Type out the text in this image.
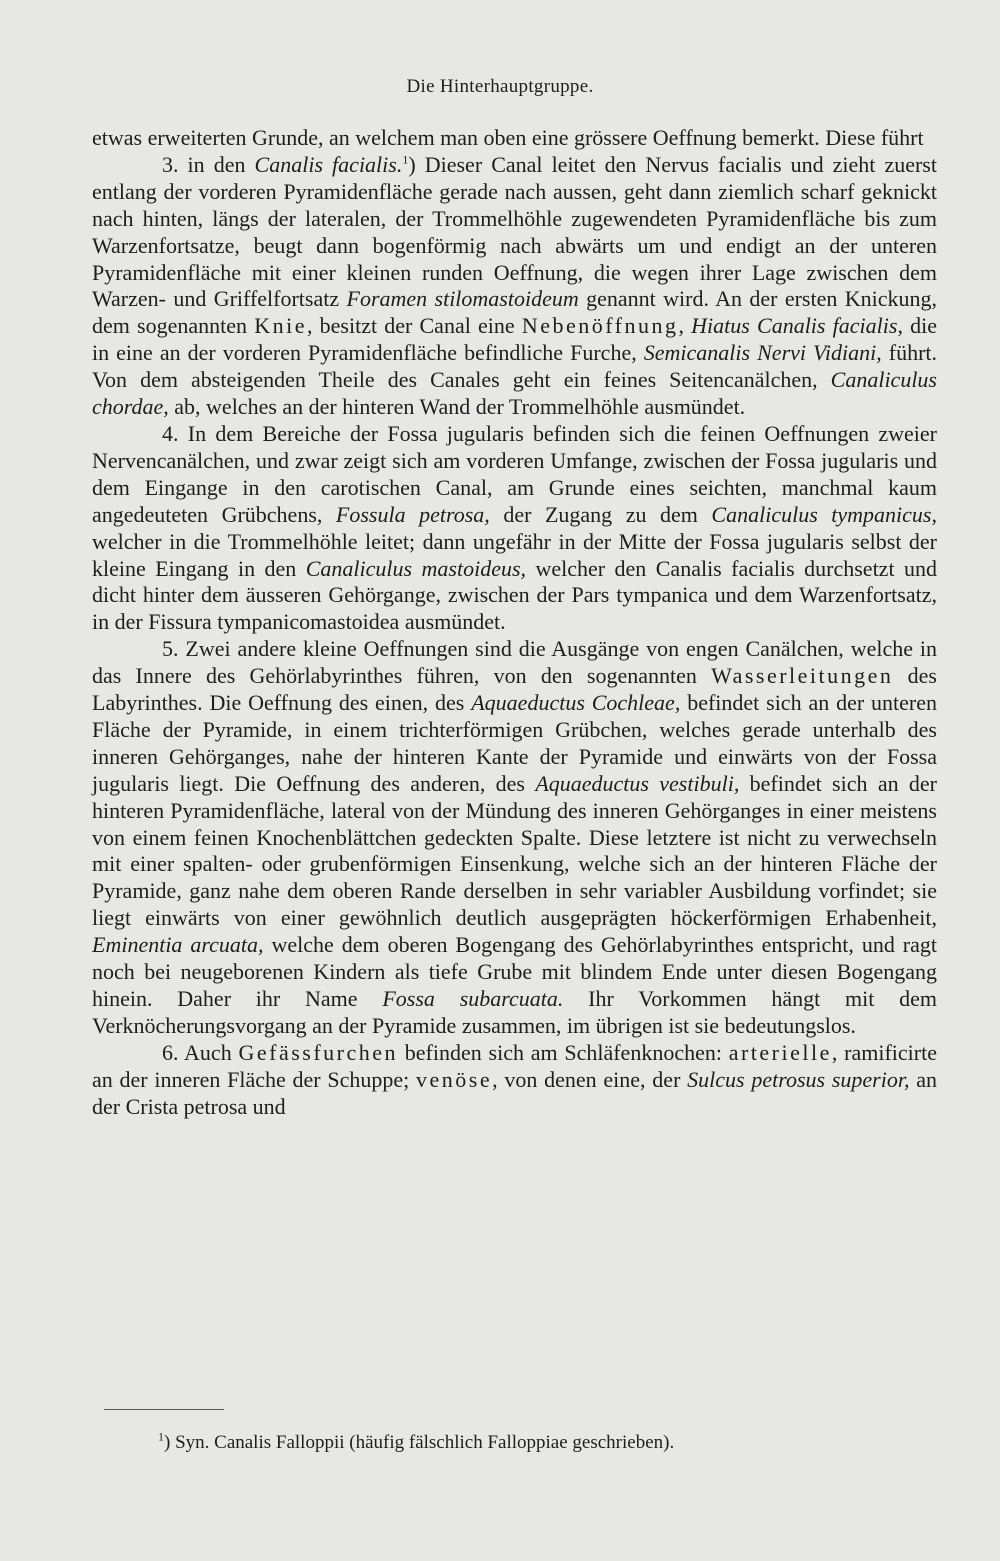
Die Hinterhauptgruppe.

etwas erweiterten Grunde, an welchem man oben eine grössere Oeffnung bemerkt. Diese führt

3. in den Canalis facialis.$^1$) Dieser Canal leitet den Nervus facialis und zieht zuerst entlang der vorderen Pyramidenfläche gerade nach aussen, geht dann ziemlich scharf geknickt nach hinten, längs der lateralen, der Trommelhöhle zugewendeten Pyramidenfläche bis zum Warzenfortsatze, beugt dann bogenförmig nach abwärts um und endigt an der unteren Pyramidenfläche mit einer kleinen runden Oeffnung, die wegen ihrer Lage zwischen dem Warzen- und Griffelfortsatz Foramen stilomastoideum genannt wird. An der ersten Knickung, dem sogenannten Knie, besitzt der Canal eine Nebenöffnung, Hiatus Canalis facialis, die in eine an der vorderen Pyramidenfläche befindliche Furche, Semicanalis Nervi Vidiani, führt. Von dem absteigenden Theile des Canales geht ein feines Seitencanälchen, Canaliculus chordae, ab, welches an der hinteren Wand der Trommelhöhle ausmündet.

4. In dem Bereiche der Fossa jugularis befinden sich die feinen Oeffnungen zweier Nervencanälchen, und zwar zeigt sich am vorderen Umfange, zwischen der Fossa jugularis und dem Eingange in den carotischen Canal, am Grunde eines seichten, manchmal kaum angedeuteten Grübchens, Fossula petrosa, der Zugang zu dem Canaliculus tympanicus, welcher in die Trommelhöhle leitet; dann ungefähr in der Mitte der Fossa jugularis selbst der kleine Eingang in den Canaliculus mastoideus, welcher den Canalis facialis durchsetzt und dicht hinter dem äusseren Gehörgange, zwischen der Pars tympanica und dem Warzenfortsatz, in der Fissura tympanicomastoidea ausmündet.

5. Zwei andere kleine Oeffnungen sind die Ausgänge von engen Canälchen, welche in das Innere des Gehörlabyrinthes führen, von den sogenannten Wasserleitungen des Labyrinthes. Die Oeffnung des einen, des Aquaeductus Cochleae, befindet sich an der unteren Fläche der Pyramide, in einem trichterförmigen Grübchen, welches gerade unterhalb des inneren Gehörganges, nahe der hinteren Kante der Pyramide und einwärts von der Fossa jugularis liegt. Die Oeffnung des anderen, des Aquaeductus vestibuli, befindet sich an der hinteren Pyramidenfläche, lateral von der Mündung des inneren Gehörganges in einer meistens von einem feinen Knochenblättchen gedeckten Spalte. Diese letztere ist nicht zu verwechseln mit einer spalten- oder grubenförmigen Einsenkung, welche sich an der hinteren Fläche der Pyramide, ganz nahe dem oberen Rande derselben in sehr variabler Ausbildung vorfindet; sie liegt einwärts von einer gewöhnlich deutlich ausgeprägten höckerförmigen Erhabenheit, Eminentia arcuata, welche dem oberen Bogengang des Gehörlabyrinthes entspricht, und ragt noch bei neugeborenen Kindern als tiefe Grube mit blindem Ende unter diesen Bogengang hinein. Daher ihr Name Fossa subarcuata. Ihr Vorkommen hängt mit dem Verknöcherungsvorgang an der Pyramide zusammen, im übrigen ist sie bedeutungslos.

6. Auch Gefässfurchen befinden sich am Schläfenknochen: arterielle, ramificirte an der inneren Fläche der Schuppe; venöse, von denen eine, der Sulcus petrosus superior, an der Crista petrosa und

$^1$) Syn. Canalis Falloppii (häufig fälschlich Falloppiae geschrieben).
